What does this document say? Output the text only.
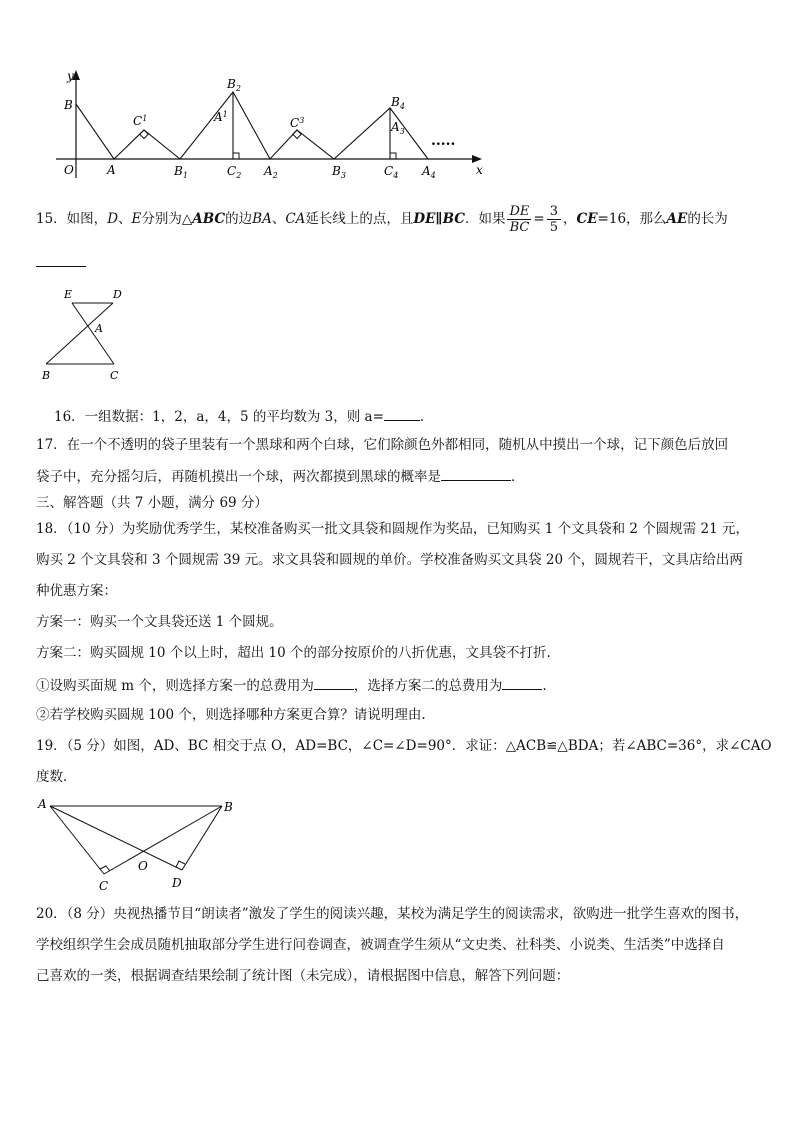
y
x
O
B
A
$C^1$
$B_1$
$B_2$
$A^1$
$C_2$ $A_2$
$C^3$
$B_3$
$B_4$
$A_3$
$C_4$ $A_4$
.....
15．如图，D、E分别为△ABC的边BA、CA延长线上的点，且DE∥BC．如果 $\frac{DE}{BC} = \frac{3}{5}$ ，CE=16，那么AE的长为
E	D
A
B	C
16．一组数据：1，2，a，4，5 的平均数为 3，则 a=	．
17．在一个不透明的袋子里装有一个黑球和两个白球，它们除颜色外都相同，随机从中摸出一个球，记下颜色后放回
袋子中，充分摇匀后，再随机摸出一个球，两次都摸到黑球的概率是	．
三、解答题（共 7 小题，满分 69 分）
18．（10 分）为奖励优秀学生，某校准备购买一批文具袋和圆规作为奖品，已知购买 1 个文具袋和 2 个圆规需 21 元，
购买 2 个文具袋和 3 个圆规需 39 元。求文具袋和圆规的单价。学校准备购买文具袋 20 个，圆规若干，文具店给出两
种优惠方案：
方案一：购买一个文具袋还送 1 个圆规。
方案二：购买圆规 10 个以上时，超出 10 个的部分按原价的八折优惠，文具袋不打折.
①设购买面规 m 个，则选择方案一的总费用为	，选择方案二的总费用为	.
②若学校购买圆规 100 个，则选择哪种方案更合算？请说明理由.
19．（5 分）如图，AD、BC 相交于点 O，AD=BC，∠C=∠D=90°．求证：△ACB≌△BDA；若∠ABC=36°，求∠CAO
度数．
A	B
O
C	D
20．（8 分）央视热播节目“朗读者”激发了学生的阅读兴趣，某校为满足学生的阅读需求，欲购进一批学生喜欢的图书，
学校组织学生会成员随机抽取部分学生进行问卷调查，被调查学生须从“文史类、社科类、小说类、生活类”中选择自
己喜欢的一类，根据调查结果绘制了统计图（未完成），请根据图中信息，解答下列问题：
